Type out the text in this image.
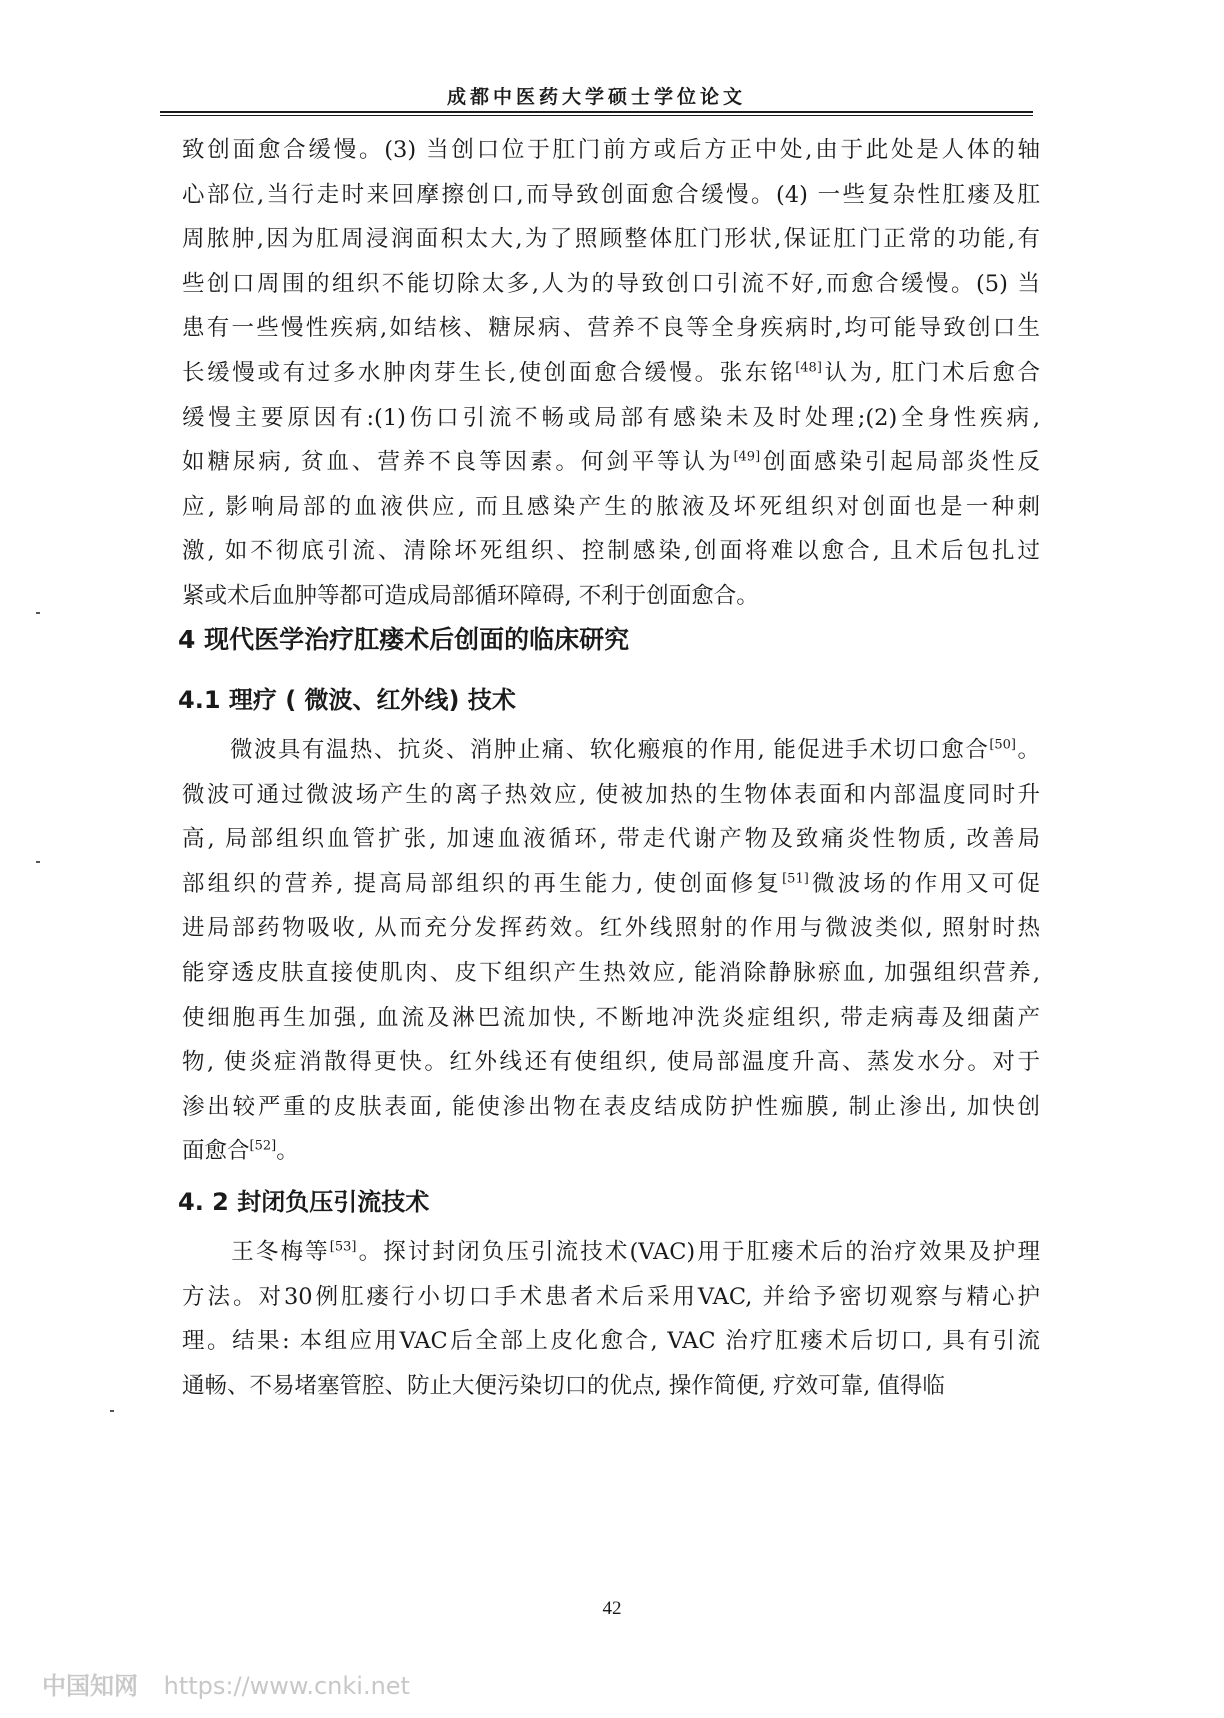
成都中医药大学硕士学位论文

致创面愈合缓慢。(3) 当创口位于肛门前方或后方正中处,由于此处是人体的轴

心部位,当行走时来回摩擦创口,而导致创面愈合缓慢。(4) 一些复杂性肛瘘及肛

周脓肿,因为肛周浸润面积太大,为了照顾整体肛门形状,保证肛门正常的功能,有

些创口周围的组织不能切除太多,人为的导致创口引流不好,而愈合缓慢。(5) 当

患有一些慢性疾病,如结核、糖尿病、营养不良等全身疾病时,均可能导致创口生

长缓慢或有过多水肿肉芽生长,使创面愈合缓慢。张东铭[48]认为, 肛门术后愈合

缓慢主要原因有:(1)伤口引流不畅或局部有感染未及时处理;(2)全身性疾病,

如糖尿病, 贫血、营养不良等因素。何剑平等认为[49]创面感染引起局部炎性反

应, 影响局部的血液供应, 而且感染产生的脓液及坏死组织对创面也是一种刺

激, 如不彻底引流、清除坏死组织、控制感染,创面将难以愈合, 且术后包扎过

紧或术后血肿等都可造成局部循环障碍, 不利于创面愈合。

4 现代医学治疗肛瘘术后创面的临床研究
4.1 理疗 ( 微波、红外线) 技术

　　微波具有温热、抗炎、消肿止痛、软化瘢痕的作用, 能促进手术切口愈合[50]。

微波可通过微波场产生的离子热效应, 使被加热的生物体表面和内部温度同时升

高, 局部组织血管扩张, 加速血液循环, 带走代谢产物及致痛炎性物质, 改善局

部组织的营养, 提高局部组织的再生能力, 使创面修复[51]微波场的作用又可促

进局部药物吸收, 从而充分发挥药效。红外线照射的作用与微波类似, 照射时热

能穿透皮肤直接使肌肉、皮下组织产生热效应, 能消除静脉瘀血, 加强组织营养,

使细胞再生加强, 血流及淋巴流加快, 不断地冲洗炎症组织, 带走病毒及细菌产

物, 使炎症消散得更快。红外线还有使组织, 使局部温度升高、蒸发水分。对于

渗出较严重的皮肤表面, 能使渗出物在表皮结成防护性痂膜, 制止渗出, 加快创

面愈合[52]。

4. 2 封闭负压引流技术

　　王冬梅等[53]。探讨封闭负压引流技术(VAC)用于肛瘘术后的治疗效果及护理

方法。对30例肛瘘行小切口手术患者术后采用VAC, 并给予密切观察与精心护

理。结果: 本组应用VAC后全部上皮化愈合, VAC 治疗肛瘘术后切口, 具有引流

通畅、不易堵塞管腔、防止大便污染切口的优点, 操作简便, 疗效可靠, 值得临

42
中国知网 https://www.cnki.net
